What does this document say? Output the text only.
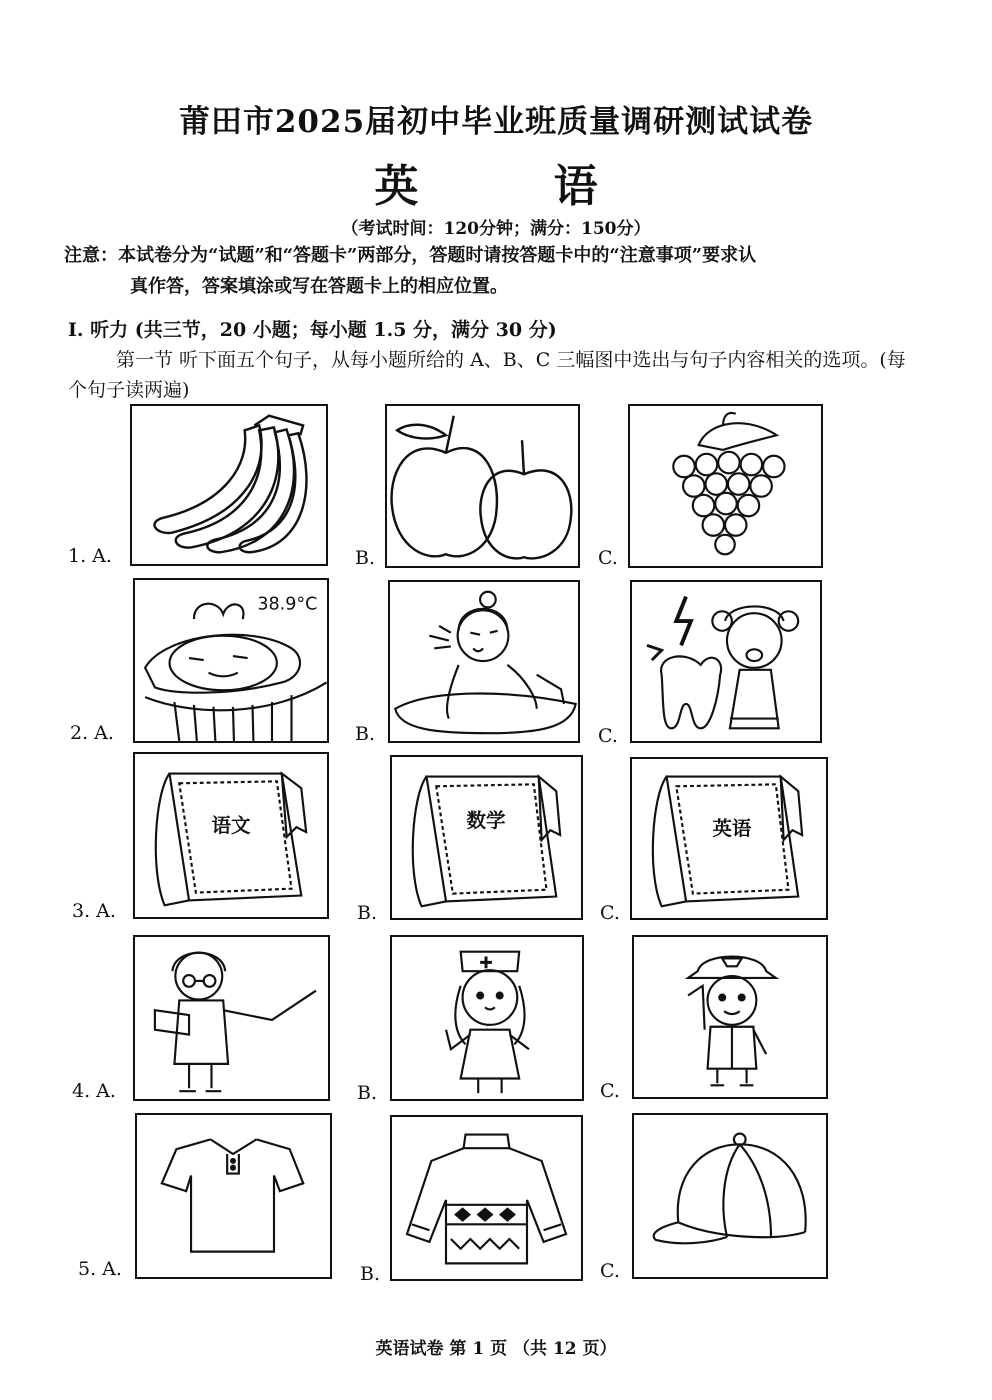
莆田市2025届初中毕业班质量调研测试试卷
英 语
（考试时间：120分钟；满分：150分）
注意：本试卷分为“试题”和“答题卡”两部分，答题时请按答题卡中的“注意事项”要求认
真作答，答案填涂或写在答题卡上的相应位置。
I. 听力 (共三节，20 小题；每小题 1.5 分，满分 30 分)
第一节 听下面五个句子，从每小题所给的 A、B、C 三幅图中选出与句子内容相关的选项。(每个句子读两遍)
1. A.	B.	C.
2. A.
38.9°C
B.	C.
3. A.
语文
B.
数学
C.
英语
4. A.	B.	C.
5. A.	B.	C.
英语试卷 第 1 页 （共 12 页）
